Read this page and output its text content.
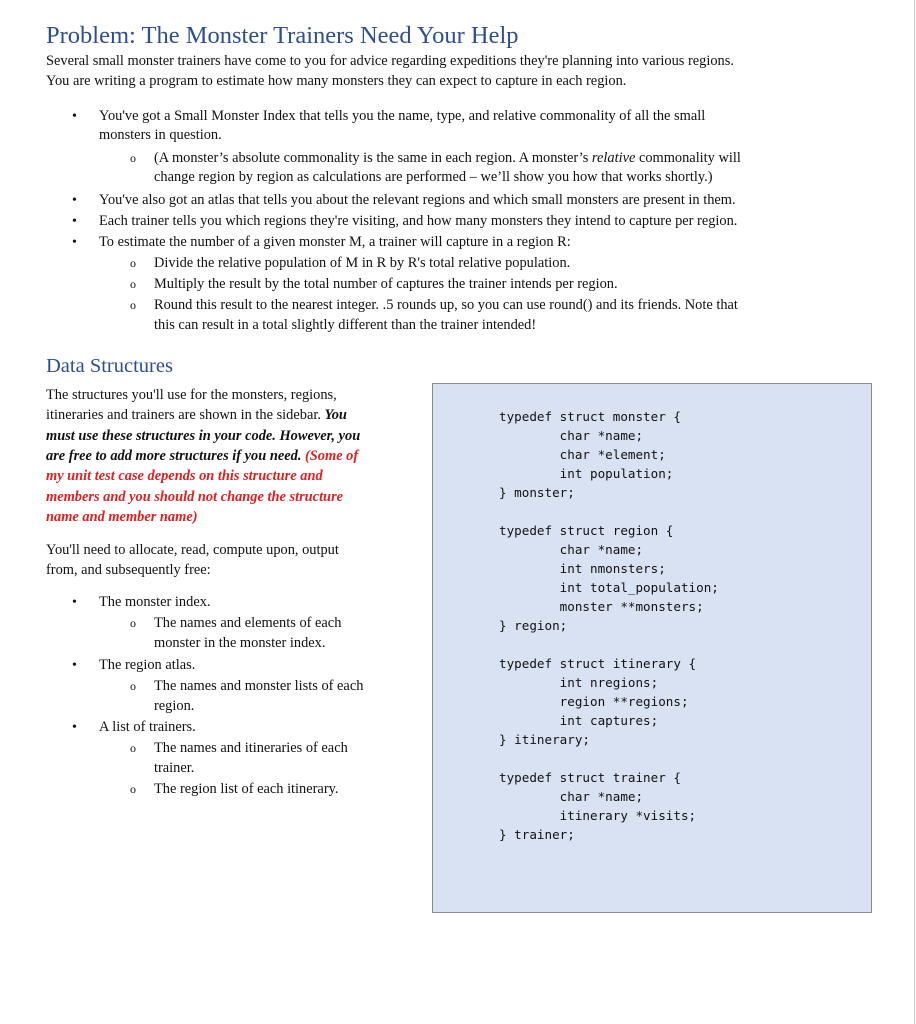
Problem: The Monster Trainers Need Your Help
Several small monster trainers have come to you for advice regarding expeditions they're planning into various regions.
You are writing a program to estimate how many monsters they can expect to capture in each region.
• You've got a Small Monster Index that tells you the name, type, and relative commonality of all the small
monsters in question.
o (A monster’s absolute commonality is the same in each region. A monster’s relative commonality will
change region by region as calculations are performed – we’ll show you how that works shortly.)
• You've also got an atlas that tells you about the relevant regions and which small monsters are present in them.
• Each trainer tells you which regions they're visiting, and how many monsters they intend to capture per region.
• To estimate the number of a given monster M, a trainer will capture in a region R:
o Divide the relative population of M in R by R's total relative population.
o Multiply the result by the total number of captures the trainer intends per region.
o Round this result to the nearest integer. .5 rounds up, so you can use round() and its friends. Note that
this can result in a total slightly different than the trainer intended!
Data Structures
The structures you'll use for the monsters, regions,
itineraries and trainers are shown in the sidebar. You
must use these structures in your code. However, you
are free to add more structures if you need. (Some of
my unit test case depends on this structure and
members and you should not change the structure
name and member name)
You'll need to allocate, read, compute upon, output
from, and subsequently free:
• The monster index.
o The names and elements of each
monster in the monster index.
• The region atlas.
o The names and monster lists of each
region.
• A list of trainers.
o The names and itineraries of each
trainer.
o The region list of each itinerary.
typedef struct monster {
char *name;
char *element;
int population;
} monster;

typedef struct region {
char *name;
int nmonsters;
int total_population;
monster **monsters;
} region;

typedef struct itinerary {
int nregions;
region **regions;
int captures;
} itinerary;

typedef struct trainer {
char *name;
itinerary *visits;
} trainer;
